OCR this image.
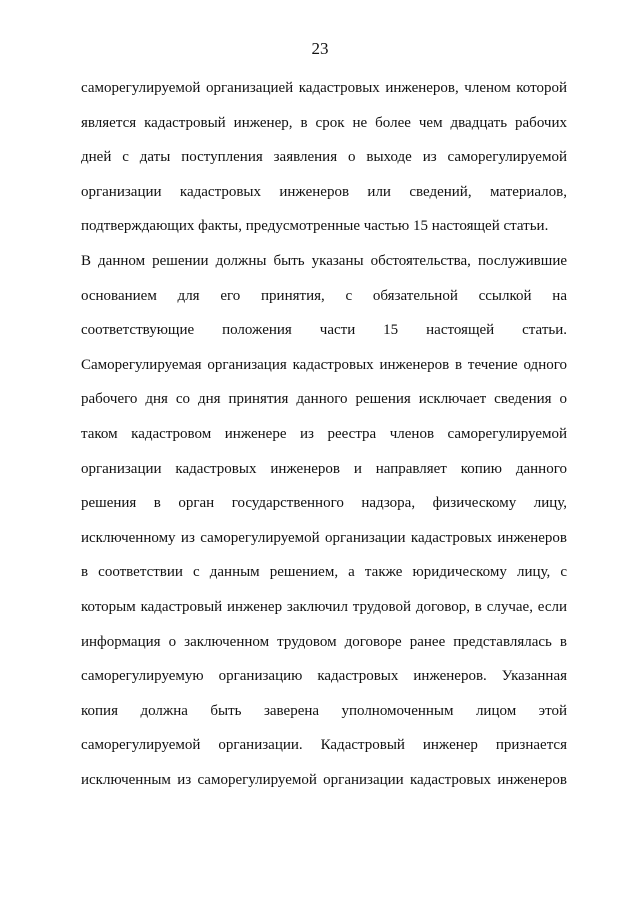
23
саморегулируемой организацией кадастровых инженеров, членом которой
является кадастровый инженер, в срок не более чем двадцать рабочих
дней с даты поступления заявления о выходе из саморегулируемой
организации кадастровых инженеров или сведений, материалов,
подтверждающих факты, предусмотренные частью 15 настоящей статьи.
В данном решении должны быть указаны обстоятельства, послужившие
основанием для его принятия, с обязательной ссылкой на
соответствующие положения части 15 настоящей статьи.
Саморегулируемая организация кадастровых инженеров в течение одного
рабочего дня со дня принятия данного решения исключает сведения о
таком кадастровом инженере из реестра членов саморегулируемой
организации кадастровых инженеров и направляет копию данного
решения в орган государственного надзора, физическому лицу,
исключенному из саморегулируемой организации кадастровых инженеров
в соответствии с данным решением, а также юридическому лицу, с
которым кадастровый инженер заключил трудовой договор, в случае, если
информация о заключенном трудовом договоре ранее представлялась в
саморегулируемую организацию кадастровых инженеров. Указанная
копия должна быть заверена уполномоченным лицом этой
саморегулируемой организации. Кадастровый инженер признается
исключенным из саморегулируемой организации кадастровых инженеров
